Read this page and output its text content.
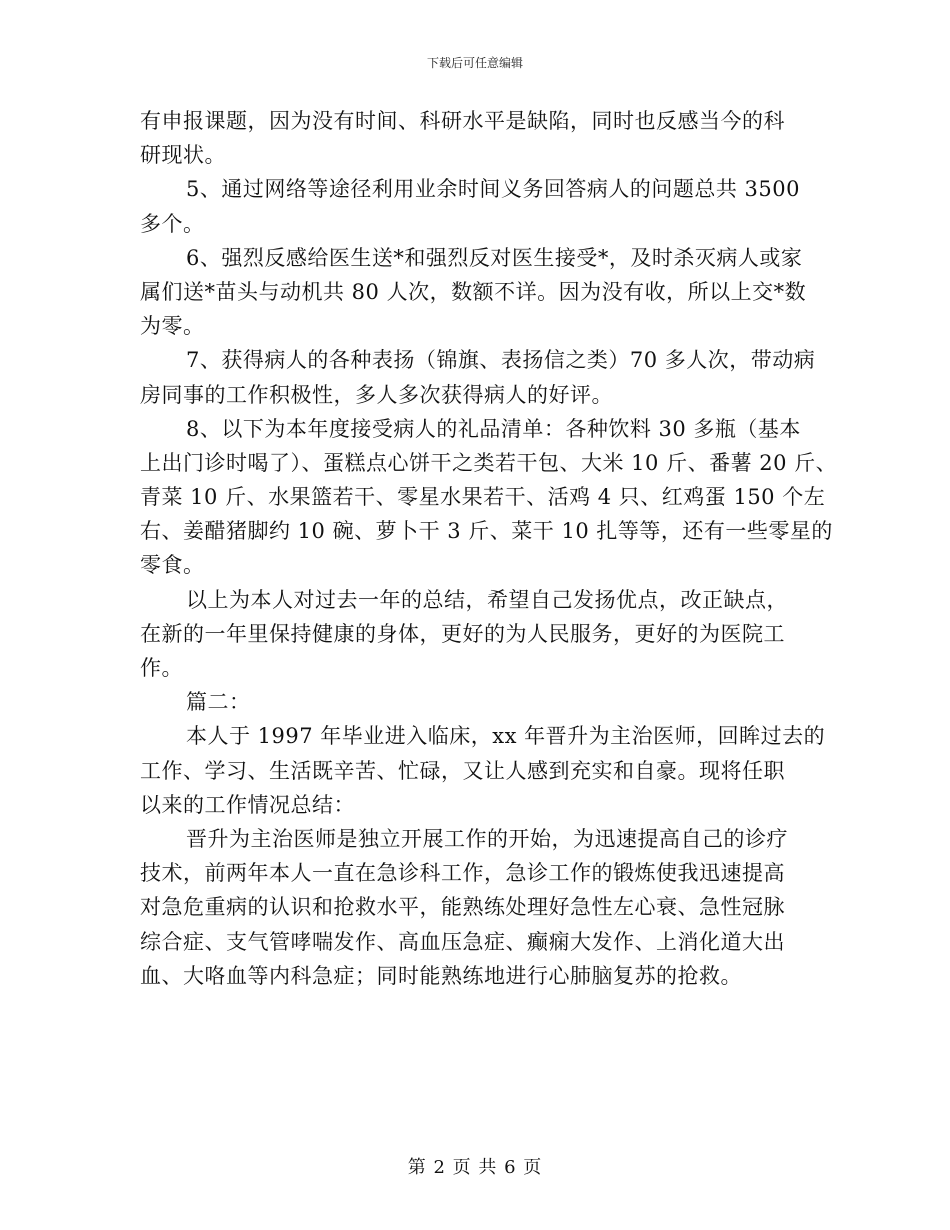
下载后可任意编辑
有申报课题，因为没有时间、科研水平是缺陷，同时也反感当今的科
研现状。
5、通过网络等途径利用业余时间义务回答病人的问题总共 3500
多个。
6、强烈反感给医生送*和强烈反对医生接受*，及时杀灭病人或家
属们送*苗头与动机共 80 人次，数额不详。因为没有收，所以上交*数
为零。
7、获得病人的各种表扬（锦旗、表扬信之类）70 多人次，带动病
房同事的工作积极性，多人多次获得病人的好评。
8、以下为本年度接受病人的礼品清单：各种饮料 30 多瓶（基本
上出门诊时喝了）、蛋糕点心饼干之类若干包、大米 10 斤、番薯 20 斤、
青菜 10 斤、水果篮若干、零星水果若干、活鸡 4 只、红鸡蛋 150 个左
右、姜醋猪脚约 10 碗、萝卜干 3 斤、菜干 10 扎等等，还有一些零星的
零食。
以上为本人对过去一年的总结，希望自己发扬优点，改正缺点，
在新的一年里保持健康的身体，更好的为人民服务，更好的为医院工
作。
篇二：
本人于 1997 年毕业进入临床，xx 年晋升为主治医师，回眸过去的
工作、学习、生活既辛苦、忙碌，又让人感到充实和自豪。现将任职
以来的工作情况总结：
晋升为主治医师是独立开展工作的开始，为迅速提高自己的诊疗
技术，前两年本人一直在急诊科工作，急诊工作的锻炼使我迅速提高
对急危重病的认识和抢救水平，能熟练处理好急性左心衰、急性冠脉
综合症、支气管哮喘发作、高血压急症、癫痫大发作、上消化道大出
血、大咯血等内科急症；同时能熟练地进行心肺脑复苏的抢救。
第 2 页 共 6 页
